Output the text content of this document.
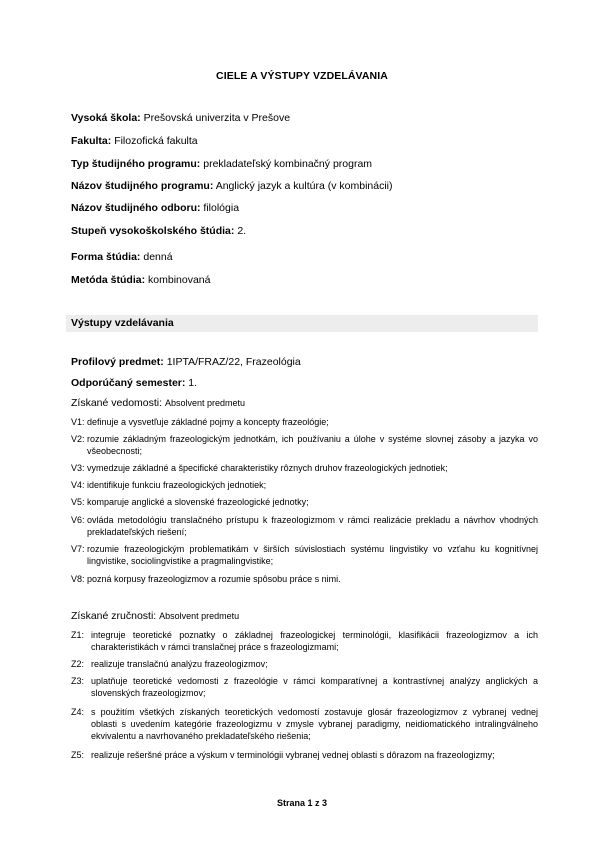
CIELE A VÝSTUPY VZDELÁVANIA
Vysoká škola: Prešovská univerzita v Prešove
Fakulta: Filozofická fakulta
Typ študijného programu: prekladateľský kombinačný program
Názov študijného programu: Anglický jazyk a kultúra (v kombinácii)
Názov študijného odboru: filológia
Stupeň vysokoškolského štúdia: 2.
Forma štúdia: denná
Metóda štúdia: kombinovaná
Výstupy vzdelávania
Profilový predmet: 1IPTA/FRAZ/22, Frazeológia
Odporúčaný semester: 1.
Získané vedomosti: Absolvent predmetu
V1: definuje a vysvetľuje základné pojmy a koncepty frazeológie;
V2: rozumie základným frazeologickým jednotkám, ich používaniu a úlohe v systéme slovnej zásoby a jazyka vo všeobecnosti;
V3: vymedzuje základné a špecifické charakteristiky rôznych druhov frazeologických jednotiek;
V4: identifikuje funkciu frazeologických jednotiek;
V5: komparuje anglické a slovenské frazeologické jednotky;
V6: ovláda metodológiu translačného prístupu k frazeologizmom v rámci realizácie prekladu a návrhov vhodných prekladateľských riešení;
V7: rozumie frazeologickým problematikám v širších súvislostiach systému lingvistiky vo vzťahu ku kognitívnej lingvistike, sociolingvistike a pragmalingvistike;
V8: pozná korpusy frazeologizmov a rozumie spôsobu práce s nimi.
Získané zručnosti: Absolvent predmetu
Z1: integruje teoretické poznatky o základnej frazeologickej terminológii, klasifikácii frazeologizmov a ich charakteristikách v rámci translačnej práce s frazeologizmami;
Z2: realizuje translačnú analýzu frazeologizmov;
Z3: uplatňuje teoretické vedomosti z frazeológie v rámci komparatívnej a kontrastívnej analýzy anglických a slovenských frazeologizmov;
Z4: s použitím všetkých získaných teoretických vedomostí zostavuje glosár frazeologizmov z vybranej vednej oblasti s uvedením kategórie frazeologizmu v zmysle vybranej paradigmy, neidiomatického intralingválneho ekvivalentu a navrhovaného prekladateľského riešenia;
Z5: realizuje rešeršné práce a výskum v terminológii vybranej vednej oblasti s dôrazom na frazeologizmy;
Strana 1 z 3
